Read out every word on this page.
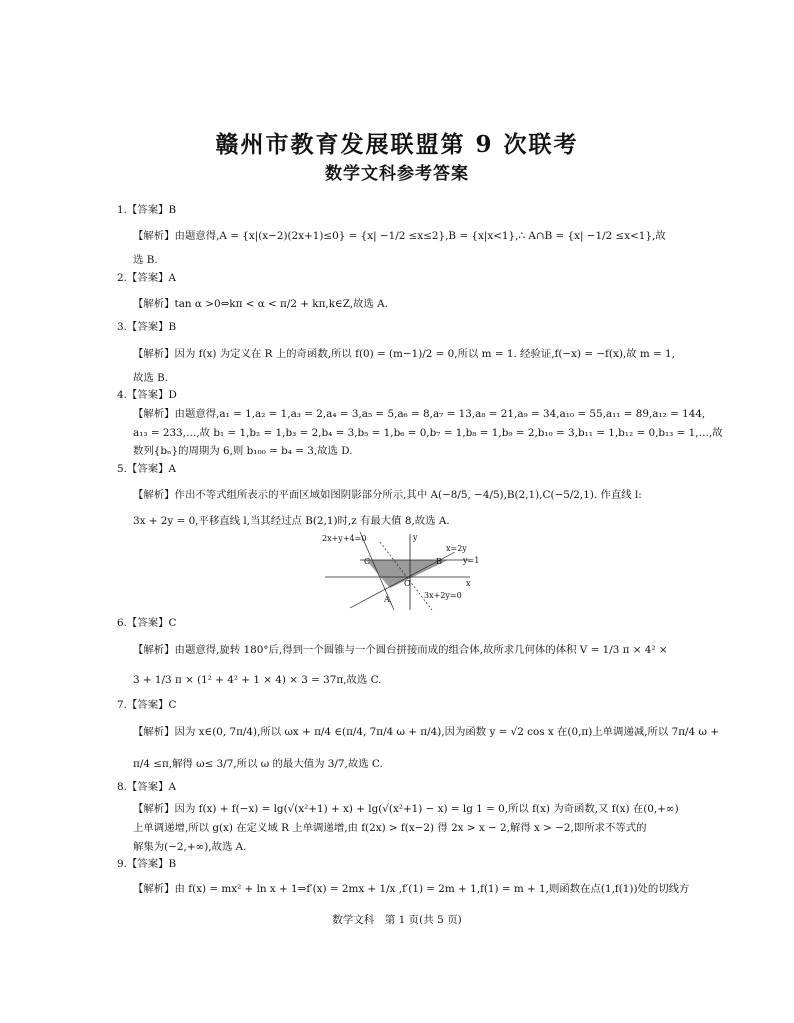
赣州市教育发展联盟第 9 次联考
数学文科参考答案
1.【答案】B
【解析】由题意得,A = {x|(x−2)(2x+1)≤0} = {x| −1/2 ≤x≤2},B = {x|x<1},∴ A∩B = {x| −1/2 ≤x<1},故
选 B.
2.【答案】A
【解析】tan α >0⇔kπ < α < π/2 + kπ,k∈Z,故选 A.
3.【答案】B
【解析】因为 f(x) 为定义在 R 上的奇函数,所以 f(0) = (m−1)/2 = 0,所以 m = 1. 经验证,f(−x) = −f(x),故 m = 1,
故选 B.
4.【答案】D
【解析】由题意得,a₁ = 1,a₂ = 1,a₃ = 2,a₄ = 3,a₅ = 5,a₆ = 8,a₇ = 13,a₈ = 21,a₉ = 34,a₁₀ = 55,a₁₁ = 89,a₁₂ = 144,
a₁₃ = 233,…,故 b₁ = 1,b₂ = 1,b₃ = 2,b₄ = 3,b₅ = 1,b₆ = 0,b₇ = 1,b₈ = 1,b₉ = 2,b₁₀ = 3,b₁₁ = 1,b₁₂ = 0,b₁₃ = 1,…,故
数列{bₙ}的周期为 6,则 b₁₀₀ = b₄ = 3,故选 D.
5.【答案】A
【解析】作出不等式组所表示的平面区域如图阴影部分所示,其中 A(−8/5, −4/5),B(2,1),C(−5/2,1). 作直线 l:
3x + 2y = 0,平移直线 l,当其经过点 B(2,1)时,z 有最大值 8,故选 A.
2x+y+4=0	y
x=2y
y=1
C	B
O
A
x
3x+2y=0
6.【答案】C
【解析】由题意得,旋转 180°后,得到一个圆锥与一个圆台拼接而成的组合体,故所求几何体的体积 V = 1/3 π × 4² ×
3 + 1/3 π × (1² + 4² + 1 × 4) × 3 = 37π,故选 C.
7.【答案】C
【解析】因为 x∈(0, 7π/4),所以 ωx + π/4 ∈(π/4, 7π/4 ω + π/4),因为函数 y = √2 cos x 在(0,π)上单调递减,所以 7π/4 ω +
π/4 ≤π,解得 ω≤ 3/7,所以 ω 的最大值为 3/7,故选 C.
8.【答案】A
【解析】因为 f(x) + f(−x) = lg(√(x²+1) + x) + lg(√(x²+1) − x) = lg 1 = 0,所以 f(x) 为奇函数,又 f(x) 在(0,+∞)
上单调递增,所以 g(x) 在定义域 R 上单调递增,由 f(2x) > f(x−2) 得 2x > x − 2,解得 x > −2,即所求不等式的
解集为(−2,+∞),故选 A.
9.【答案】B
【解析】由 f(x) = mx² + ln x + 1⇒f′(x) = 2mx + 1/x ,f′(1) = 2m + 1,f(1) = m + 1,则函数在点(1,f(1))处的切线方
数学文科　第 1 页(共 5 页)
